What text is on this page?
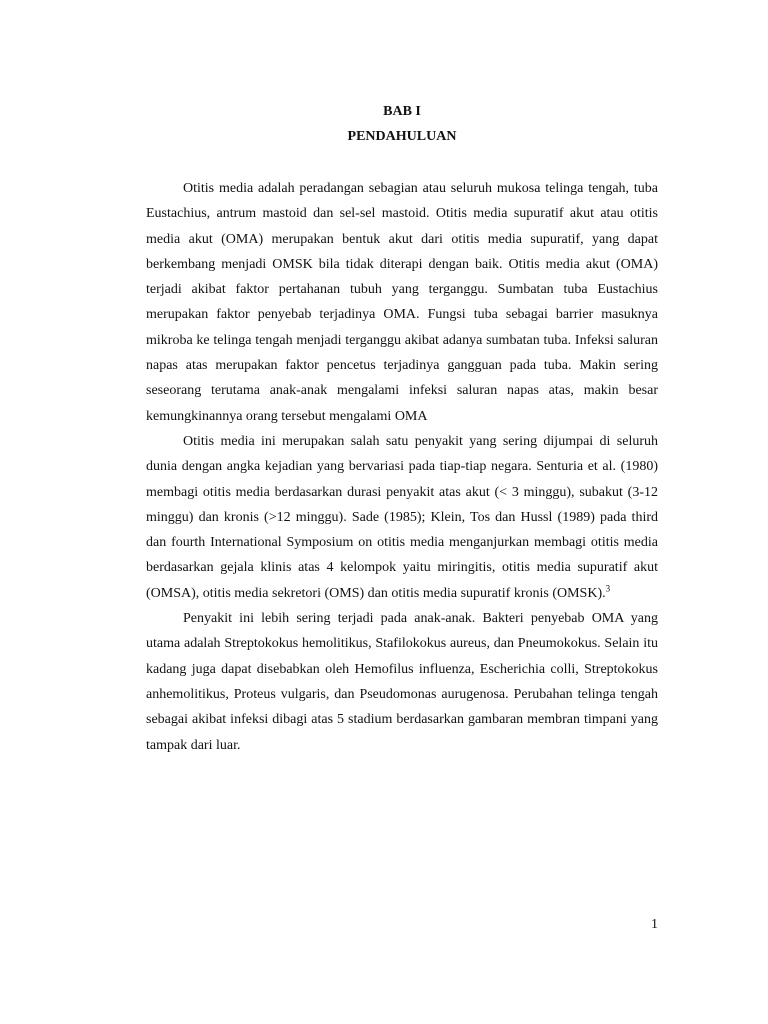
BAB I
PENDAHULUAN

Otitis media adalah peradangan sebagian atau seluruh mukosa telinga tengah, tuba Eustachius, antrum mastoid dan sel-sel mastoid. Otitis media supuratif akut atau otitis media akut (OMA) merupakan bentuk akut dari otitis media supuratif, yang dapat berkembang menjadi OMSK bila tidak diterapi dengan baik. Otitis media akut (OMA) terjadi akibat faktor pertahanan tubuh yang terganggu. Sumbatan tuba Eustachius merupakan faktor penyebab terjadinya OMA. Fungsi tuba sebagai barrier masuknya mikroba ke telinga tengah menjadi terganggu akibat adanya sumbatan tuba. Infeksi saluran napas atas merupakan faktor pencetus terjadinya gangguan pada tuba. Makin sering seseorang terutama anak-anak mengalami infeksi saluran napas atas, makin besar kemungkinannya orang tersebut mengalami OMA

Otitis media ini merupakan salah satu penyakit yang sering dijumpai di seluruh dunia dengan angka kejadian yang bervariasi pada tiap-tiap negara. Senturia et al. (1980) membagi otitis media berdasarkan durasi penyakit atas akut (< 3 minggu), subakut (3-12 minggu) dan kronis (>12 minggu). Sade (1985); Klein, Tos dan Hussl (1989) pada third dan fourth International Symposium on otitis media menganjurkan membagi otitis media berdasarkan gejala klinis atas 4 kelompok yaitu miringitis, otitis media supuratif akut (OMSA), otitis media sekretori (OMS) dan otitis media supuratif kronis (OMSK).$^3$

Penyakit ini lebih sering terjadi pada anak-anak. Bakteri penyebab OMA yang utama adalah Streptokokus hemolitikus, Stafilokokus aureus, dan Pneumokokus. Selain itu kadang juga dapat disebabkan oleh Hemofilus influenza, Escherichia colli, Streptokokus anhemolitikus, Proteus vulgaris, dan Pseudomonas aurugenosa. Perubahan telinga tengah sebagai akibat infeksi dibagi atas 5 stadium berdasarkan gambaran membran timpani yang tampak dari luar.

1
